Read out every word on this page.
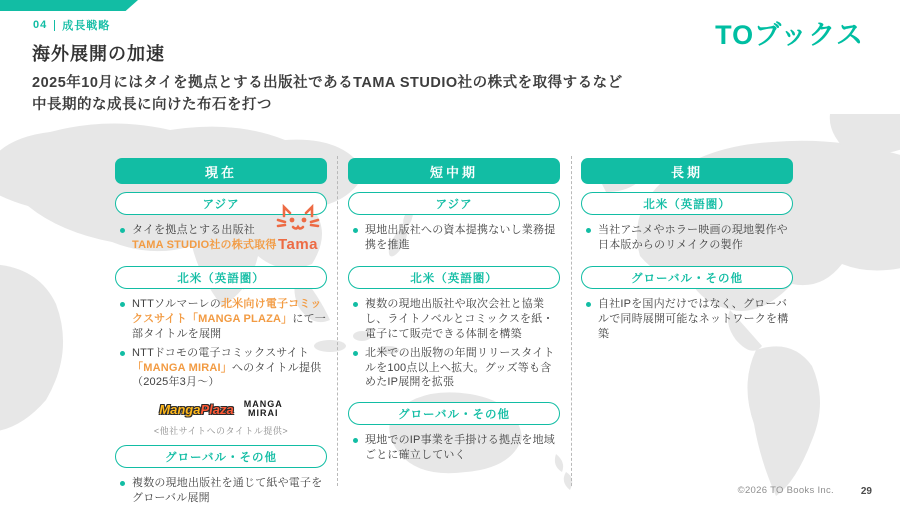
04 成長戦略	TOブックス
海外展開の加速
2025年10月にはタイを拠点とする出版社であるTAMA STUDIO社の株式を取得するなど
中長期的な成長に向けた布石を打つ
現在
アジア
タイを拠点とする出版社 TAMA STUDIO社の株式取得 Tama
北米（英語圏）
NTTソルマーレの北米向け電子コミックスサイト「MANGA PLAZA」にて一部タイトルを展開
NTTドコモの電子コミックスサイト「MANGA MIRAI」へのタイトル提供（2025年3月〜）
MangaPlaza MANGA
MIRAI
<他社サイトへのタイトル提供>
グローバル・その他
複数の現地出版社を通じて紙や電子をグローバル展開
短中期
アジア
現地出版社への資本提携ないし業務提携を推進
北米（英語圏）
複数の現地出版社や取次会社と協業し、ライトノベルとコミックスを紙・電子にて販売できる体制を構築
北米での出版物の年間リリースタイトルを100点以上へ拡大。グッズ等も含めたIP展開を拡張
グローバル・その他
現地でのIP事業を手掛ける拠点を地域ごとに確立していく
長期
北米（英語圏）
当社アニメやホラー映画の現地製作や日本版からのリメイクの製作
グローバル・その他
自社IPを国内だけではなく、グローバルで同時展開可能なネットワークを構築
©2026 TO Books Inc.	29
